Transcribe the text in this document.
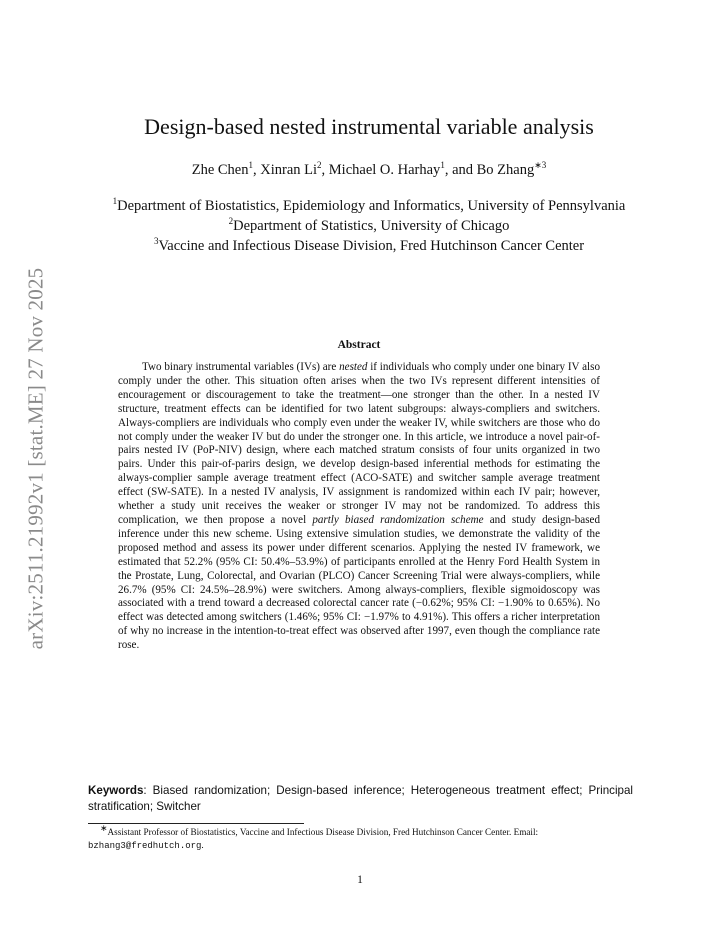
arXiv:2511.21992v1 [stat.ME] 27 Nov 2025
Design-based nested instrumental variable analysis
Zhe Chen$^1$, Xinran Li$^2$, Michael O. Harhay$^1$, and Bo Zhang$^{∗3}$
$^1$Department of Biostatistics, Epidemiology and Informatics, University of Pennsylvania
$^2$Department of Statistics, University of Chicago
$^3$Vaccine and Infectious Disease Division, Fred Hutchinson Cancer Center
Abstract

Two binary instrumental variables (IVs) are nested if individuals who comply under one binary IV also comply under the other. This situation often arises when the two IVs represent different intensities of encouragement or discouragement to take the treatment—one stronger than the other. In a nested IV structure, treatment effects can be identified for two latent subgroups: always-compliers and switchers. Always-compliers are individuals who comply even under the weaker IV, while switchers are those who do not comply under the weaker IV but do under the stronger one. In this article, we introduce a novel pair-of-pairs nested IV (PoP-NIV) design, where each matched stratum consists of four units organized in two pairs. Under this pair-of-parirs design, we develop design-based inferential methods for estimating the always-complier sample average treatment effect (ACO-SATE) and switcher sample average treatment effect (SW-SATE). In a nested IV analysis, IV assignment is randomized within each IV pair; however, whether a study unit receives the weaker or stronger IV may not be randomized. To address this complication, we then propose a novel partly biased randomization scheme and study design-based inference under this new scheme. Using extensive simulation studies, we demonstrate the validity of the proposed method and assess its power under different scenarios. Applying the nested IV framework, we estimated that 52.2% (95% CI: 50.4%–53.9%) of participants enrolled at the Henry Ford Health System in the Prostate, Lung, Colorectal, and Ovarian (PLCO) Cancer Screening Trial were always-compliers, while 26.7% (95% CI: 24.5%–28.9%) were switchers. Among always-compliers, flexible sigmoidoscopy was associated with a trend toward a decreased colorectal cancer rate (−0.62%; 95% CI: −1.90% to 0.65%). No effect was detected among switchers (1.46%; 95% CI: −1.97% to 4.91%). This offers a richer interpretation of why no increase in the intention-to-treat effect was observed after 1997, even though the compliance rate rose.

Keywords: Biased randomization; Design-based inference; Heterogeneous treatment effect; Principal stratification; Switcher
∗Assistant Professor of Biostatistics, Vaccine and Infectious Disease Division, Fred Hutchinson Cancer Center. Email: bzhang3@fredhutch.org.
1
